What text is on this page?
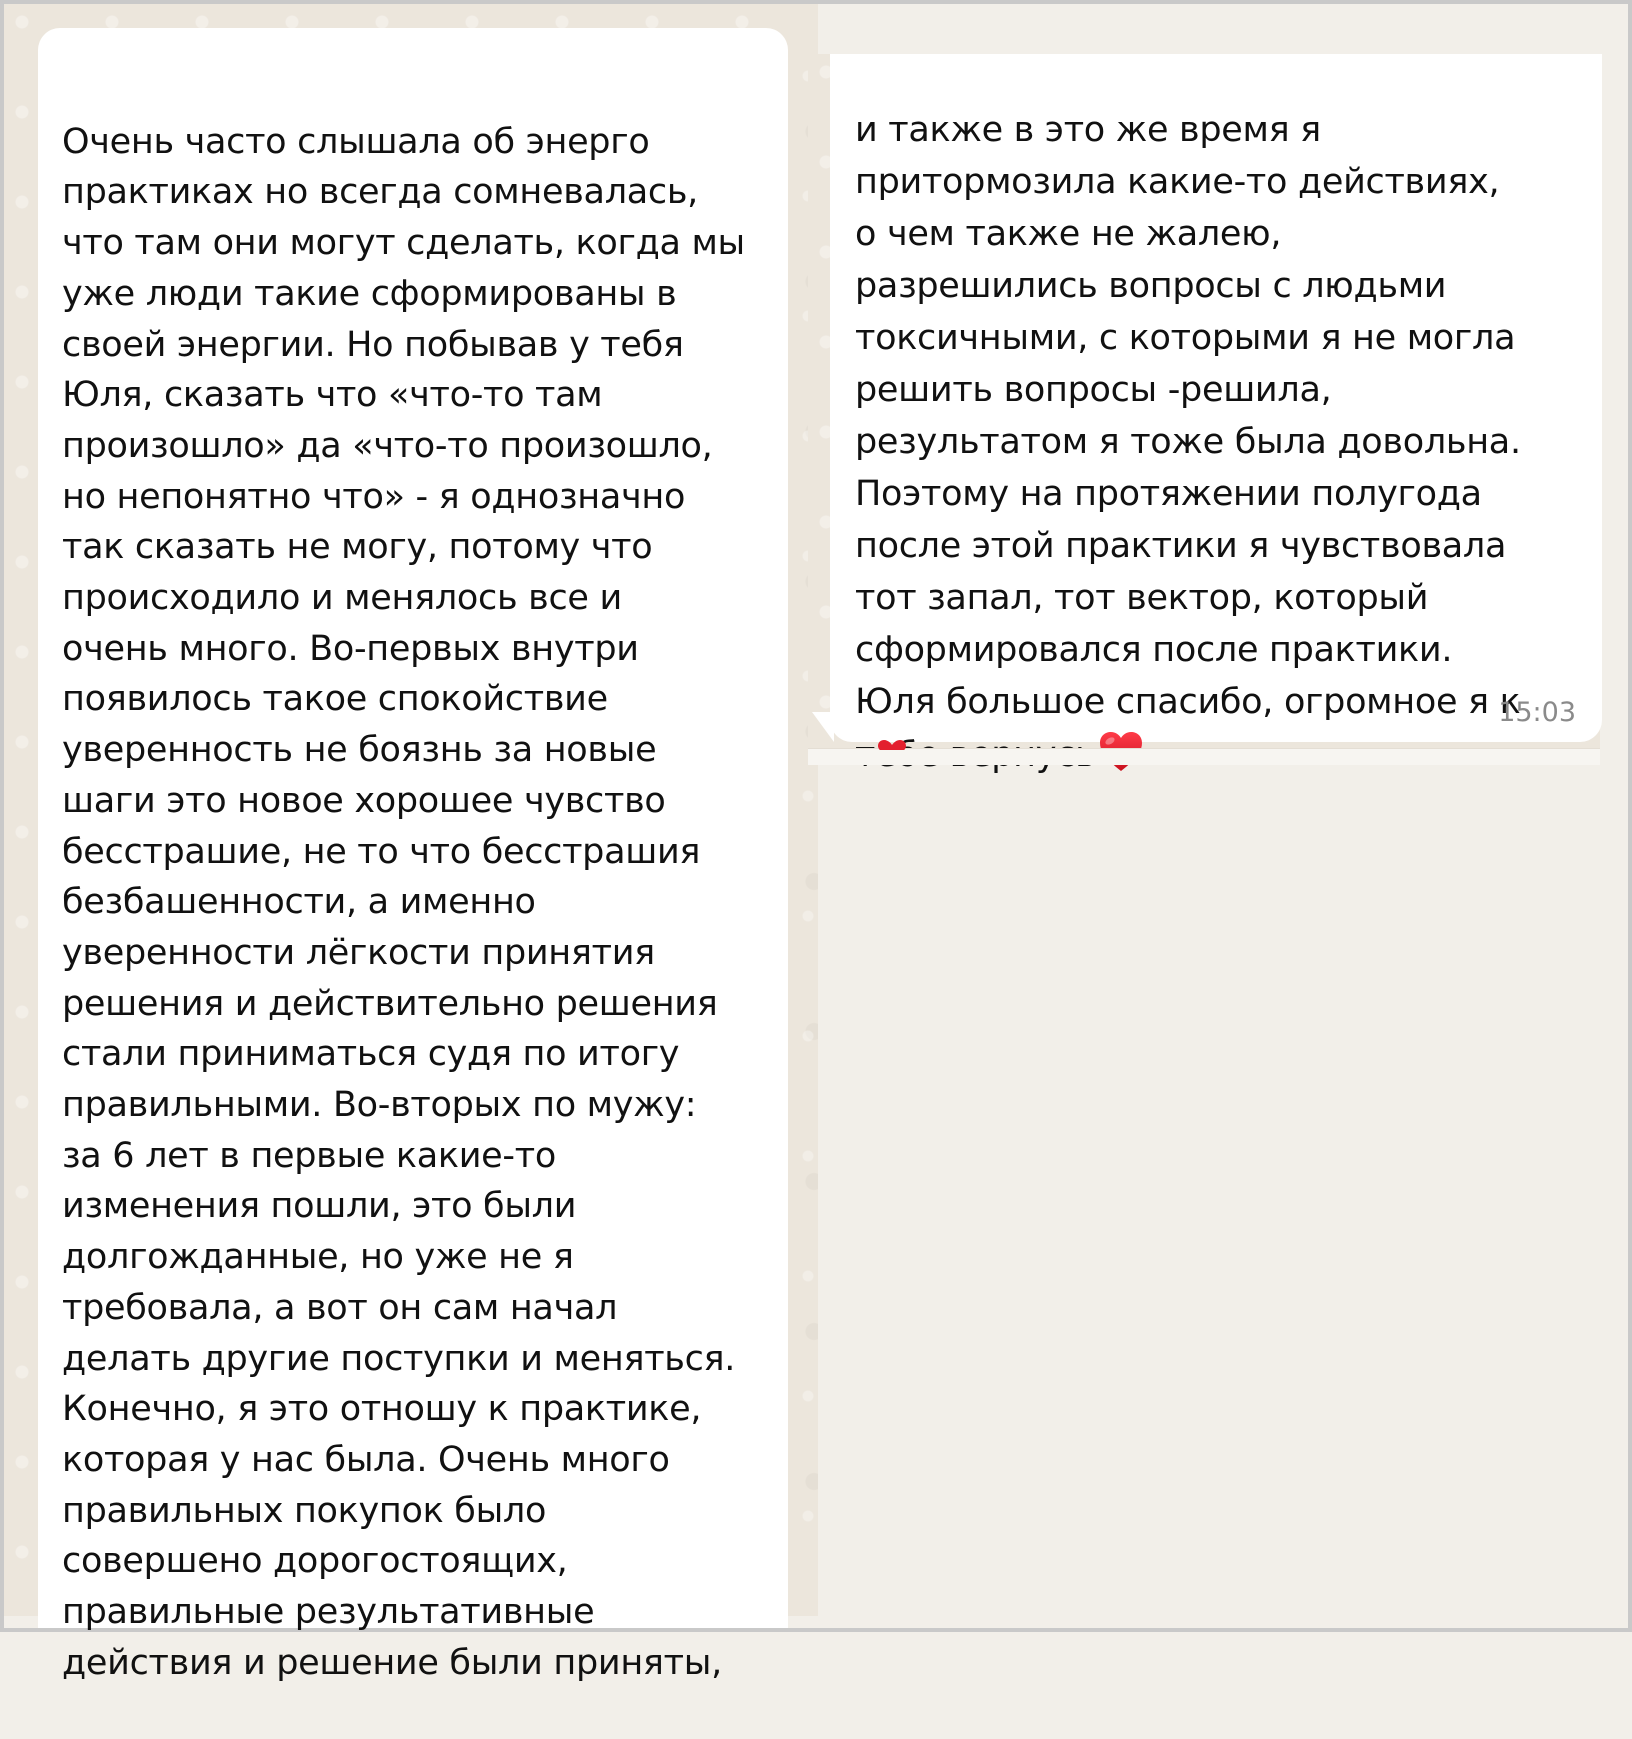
Очень часто слышала об энерго
практиках но всегда сомневалась,
что там они могут сделать, когда мы
уже люди такие сформированы в
своей энергии. Но побывав у тебя
Юля, сказать что «что-то там
произошло» да «что-то произошло,
но непонятно что» - я однозначно
так сказать не могу, потому что
происходило и менялось все и
очень много. Во-первых внутри
появилось такое спокойствие
уверенность не боязнь за новые
шаги это новое хорошее чувство
бесстрашие, не то что бесстрашия
безбашенности, а именно
уверенности лёгкости принятия
решения и действительно решения
стали приниматься судя по итогу
правильными. Во-вторых по мужу:
за 6 лет в первые какие-то
изменения пошли, это были
долгожданные, но уже не я
требовала, а вот он сам начал
делать другие поступки и меняться.
Конечно, я это отношу к практике,
которая у нас была. Очень много
правильных покупок было
совершено дорогостоящих,
правильные результативные
действия и решение были приняты,

и также в это же время я
притормозила какие-то действиях,
о чем также не жалею,
разрешились вопросы с людьми
токсичными, с которыми я не могла
решить вопросы -решила,
результатом я тоже была довольна.
Поэтому на протяжении полугода
после этой практики я чувствовала
тот запал, тот вектор, который
сформировался после практики.
Юля большое спасибо, огромное я к

15:03
